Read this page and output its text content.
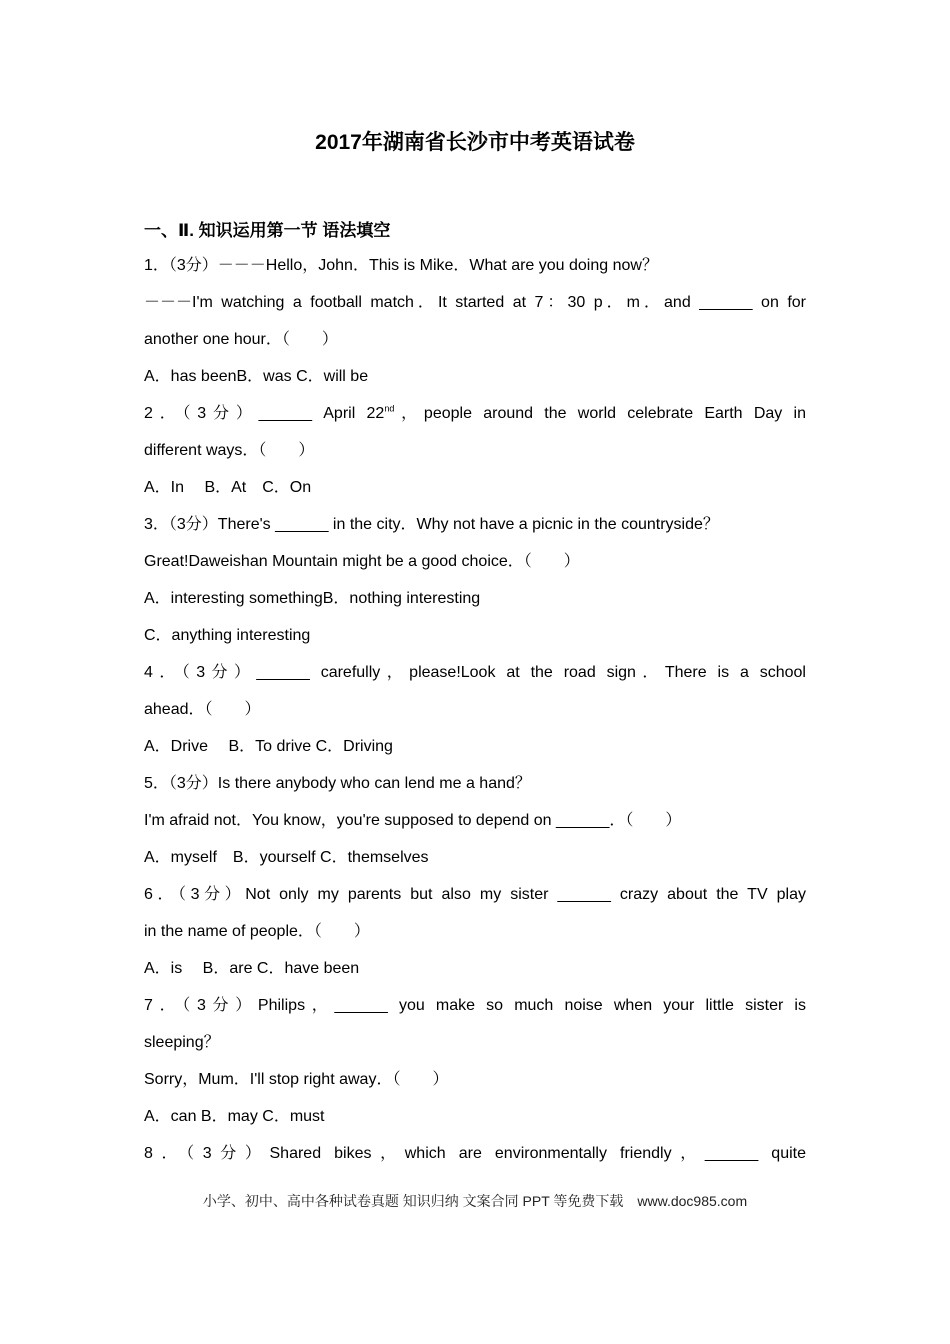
2017年湖南省长沙市中考英语试卷
一、Ⅱ. 知识运用第一节 语法填空
1．（3分）－－－Hello，John．This is Mike．What are you doing now？
－－－I'm watching a football match．It started at 7：30 p．m．and ______ on for
another one hour．（　　）
A．has beenB．was C．will be
2．（3分）______ April 22nd，people around the world celebrate Earth Day in
different ways．（　　）
A．In　 B．At　C．On
3．（3分）There's ______ in the city．Why not have a picnic in the countryside？
Great!Daweishan Mountain might be a good choice．（　　）
A．interesting somethingB．nothing interesting
C．anything interesting
4．（3分）______ carefully，please!Look at the road sign．There is a school
ahead．（　　）
A．Drive　 B．To drive C．Driving
5．（3分）Is there anybody who can lend me a hand？
I'm afraid not．You know，you're supposed to depend on ______．（　　）
A．myself　B．yourself C．themselves
6．（3分）Not only my parents but also my sister ______ crazy about the TV play
in the name of people．（　　）
A．is　 B．are C．have been
7．（3分）Philips，______ you make so much noise when your little sister is
sleeping？
Sorry，Mum．I'll stop right away．（　　）
A．can B．may C．must
8．（3分）Shared bikes，which are environmentally friendly，______ quite
小学、初中、高中各种试卷真题 知识归纳 文案合同 PPT 等免费下载　www.doc985.com
